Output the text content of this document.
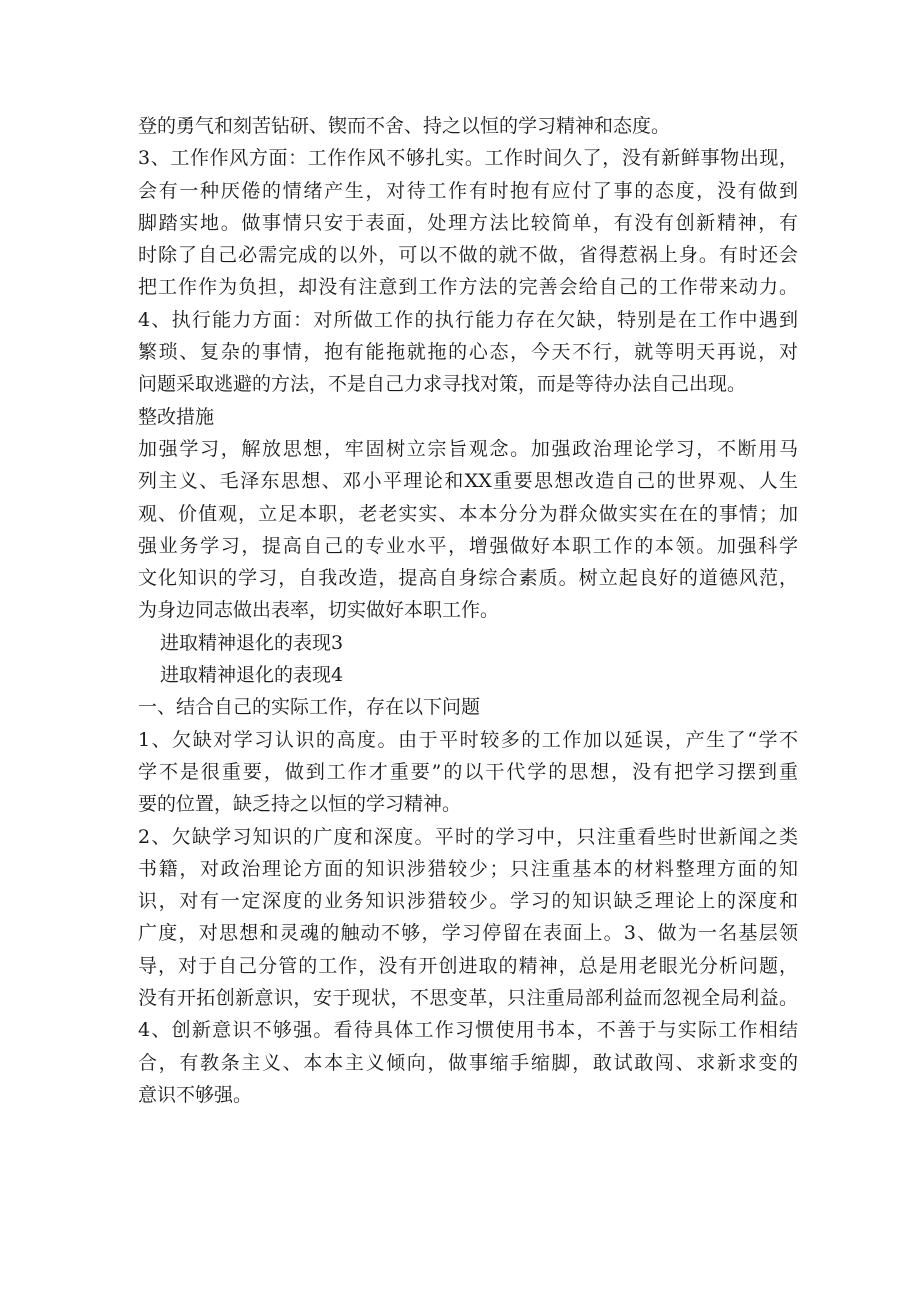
登的勇气和刻苦钻研、锲而不舍、持之以恒的学习精神和态度。
3、工作作风方面：工作作风不够扎实。工作时间久了，没有新鲜事物出现，
会有一种厌倦的情绪产生，对待工作有时抱有应付了事的态度，没有做到
脚踏实地。做事情只安于表面，处理方法比较简单，有没有创新精神，有
时除了自己必需完成的以外，可以不做的就不做，省得惹祸上身。有时还会
把工作作为负担，却没有注意到工作方法的完善会给自己的工作带来动力。
4、执行能力方面：对所做工作的执行能力存在欠缺，特别是在工作中遇到
繁琐、复杂的事情，抱有能拖就拖的心态，今天不行，就等明天再说，对
问题采取逃避的方法，不是自己力求寻找对策，而是等待办法自己出现。
整改措施
加强学习，解放思想，牢固树立宗旨观念。加强政治理论学习，不断用马
列主义、毛泽东思想、邓小平理论和XX重要思想改造自己的世界观、人生
观、价值观，立足本职，老老实实、本本分分为群众做实实在在的事情；加
强业务学习，提高自己的专业水平，增强做好本职工作的本领。加强科学
文化知识的学习，自我改造，提高自身综合素质。树立起良好的道德风范，
为身边同志做出表率，切实做好本职工作。
进取精神退化的表现3
进取精神退化的表现4
一、结合自己的实际工作，存在以下问题
1、欠缺对学习认识的高度。由于平时较多的工作加以延误，产生了“学不
学不是很重要，做到工作才重要”的以干代学的思想，没有把学习摆到重
要的位置，缺乏持之以恒的学习精神。
2、欠缺学习知识的广度和深度。平时的学习中，只注重看些时世新闻之类
书籍，对政治理论方面的知识涉猎较少；只注重基本的材料整理方面的知
识，对有一定深度的业务知识涉猎较少。学习的知识缺乏理论上的深度和
广度，对思想和灵魂的触动不够，学习停留在表面上。3、做为一名基层领
导，对于自己分管的工作，没有开创进取的精神，总是用老眼光分析问题，
没有开拓创新意识，安于现状，不思变革，只注重局部利益而忽视全局利益。
4、创新意识不够强。看待具体工作习惯使用书本，不善于与实际工作相结
合，有教条主义、本本主义倾向，做事缩手缩脚，敢试敢闯、求新求变的
意识不够强。
